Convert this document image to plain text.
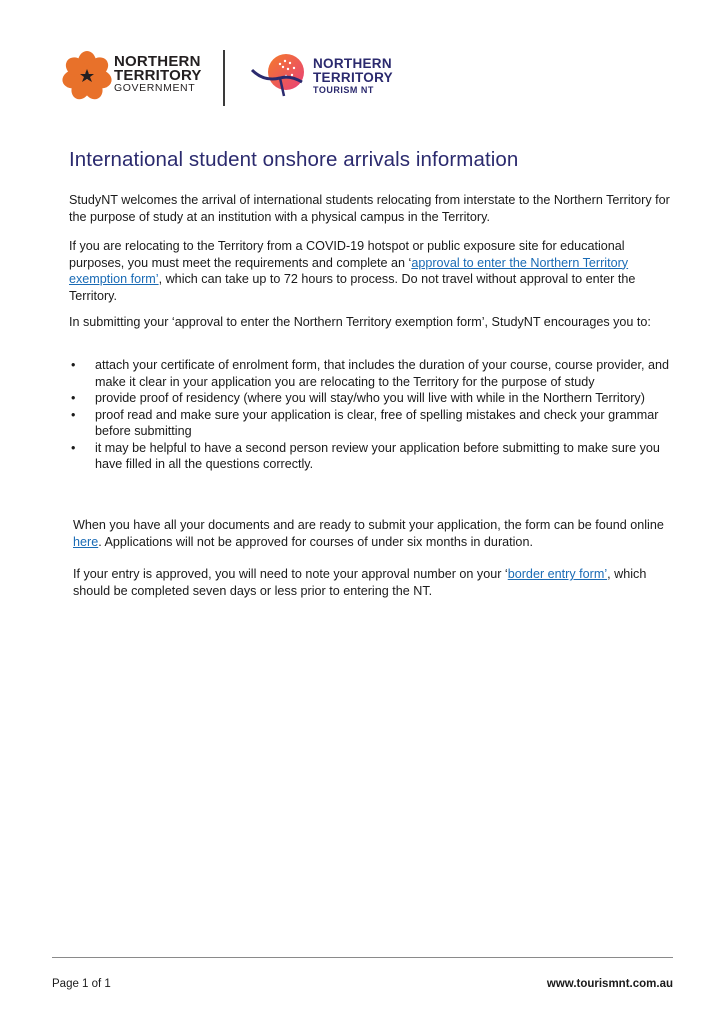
NORTHERN
TERRITORY
GOVERNMENT
NORTHERN
TERRITORY
TOURISM NT
International student onshore arrivals information

StudyNT welcomes the arrival of international students relocating from interstate to the Northern Territory for the purpose of study at an institution with a physical campus in the Territory.

If you are relocating to the Territory from a COVID-19 hotspot or public exposure site for educational purposes, you must meet the requirements and complete an ‘approval to enter the Northern Territory exemption form’, which can take up to 72 hours to process. Do not travel without approval to enter the Territory.

In submitting your ‘approval to enter the Northern Territory exemption form’, StudyNT encourages you to:

• attach your certificate of enrolment form, that includes the duration of your course, course provider, and make it clear in your application you are relocating to the Territory for the purpose of study
• provide proof of residency (where you will stay/who you will live with while in the Northern Territory)
• proof read and make sure your application is clear, free of spelling mistakes and check your grammar before submitting
• it may be helpful to have a second person review your application before submitting to make sure you have filled in all the questions correctly.

When you have all your documents and are ready to submit your application, the form can be found online here. Applications will not be approved for courses of under six months in duration.

If your entry is approved, you will need to note your approval number on your ‘border entry form’, which should be completed seven days or less prior to entering the NT.

Page 1 of 1	www.tourismnt.com.au
